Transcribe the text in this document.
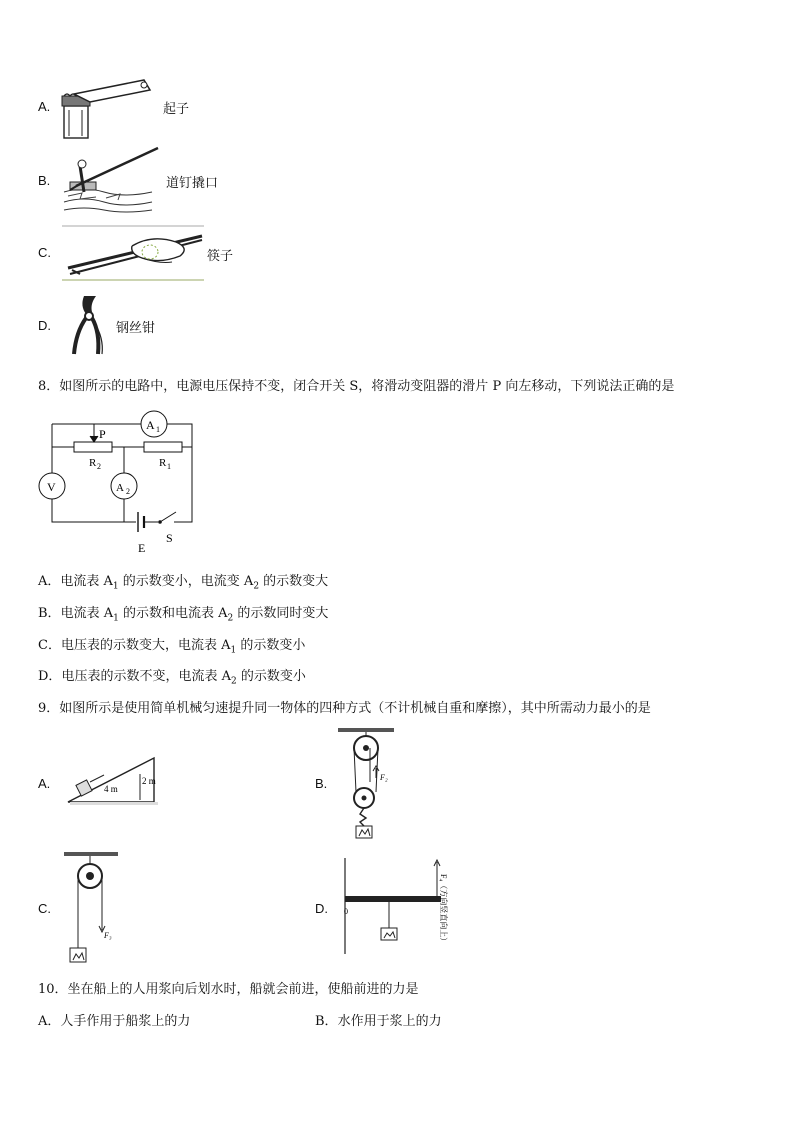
A.	起子
B.	道钉撬口
C.	筷子
D.	钢丝钳
8．如图所示的电路中，电源电压保持不变，闭合开关 S，将滑动变阻器的滑片 P 向左移动，下列说法正确的是
A 1
R 2	R 1
P
V	A 2
E
S
A．电流表 $A_1$ 的示数变小，电流变 $A_2$ 的示数变大
B．电流表 $A_1$ 的示数和电流表 $A_2$ 的示数同时变大
C．电压表的示数变大，电流表 $A_1$ 的示数变小
D．电压表的示数不变，电流表 $A_2$ 的示数变小
9．如图所示是使用简单机械匀速提升同一物体的四种方式（不计机械自重和摩擦），其中所需动力最小的是
A.	4 m
2 m	B.	F₂
C.
F₃
D. 0	F₄（方向竖直向上）
10．坐在船上的人用浆向后划水时，船就会前进，使船前进的力是
A．人手作用于船浆上的力	B．水作用于浆上的力
